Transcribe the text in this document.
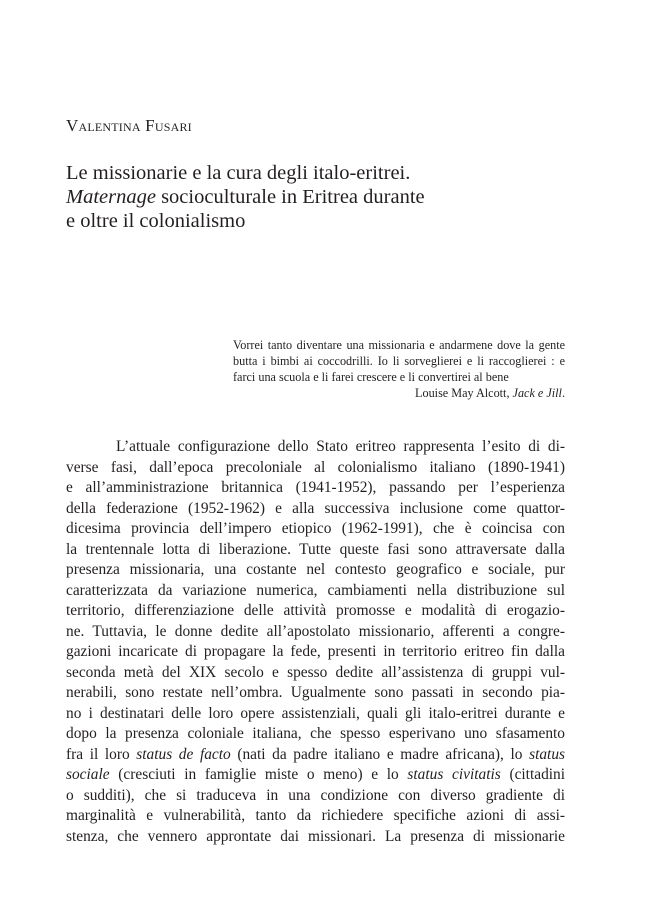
Valentina Fusari
Le missionarie e la cura degli italo-eritrei.
Maternage socioculturale in Eritrea durante
e oltre il colonialismo
Vorrei tanto diventare una missionaria e andarmene dove la gente butta i bimbi ai coccodrilli. Io li sorveglierei e li raccoglierei : e farci una scuola e li farei crescere e li convertirei al bene
Louise May Alcott, Jack e Jill.
L’attuale configurazione dello Stato eritreo rappresenta l’esito di di-
verse fasi, dall’epoca precoloniale al colonialismo italiano (1890-1941)
e all’amministrazione britannica (1941-1952), passando per l’esperienza
della federazione (1952-1962) e alla successiva inclusione come quattor-
dicesima provincia dell’impero etiopico (1962-1991), che è coincisa con
la trentennale lotta di liberazione. Tutte queste fasi sono attraversate dalla
presenza missionaria, una costante nel contesto geografico e sociale, pur
caratterizzata da variazione numerica, cambiamenti nella distribuzione sul
territorio, differenziazione delle attività promosse e modalità di erogazio-
ne. Tuttavia, le donne dedite all’apostolato missionario, afferenti a congre-
gazioni incaricate di propagare la fede, presenti in territorio eritreo fin dalla
seconda metà del XIX secolo e spesso dedite all’assistenza di gruppi vul-
nerabili, sono restate nell’ombra. Ugualmente sono passati in secondo pia-
no i destinatari delle loro opere assistenziali, quali gli italo-eritrei durante e
dopo la presenza coloniale italiana, che spesso esperivano uno sfasamento
fra il loro status de facto (nati da padre italiano e madre africana), lo status
sociale (cresciuti in famiglie miste o meno) e lo status civitatis (cittadini
o sudditi), che si traduceva in una condizione con diverso gradiente di
marginalità e vulnerabilità, tanto da richiedere specifiche azioni di assi-
stenza, che vennero approntate dai missionari. La presenza di missionarie
